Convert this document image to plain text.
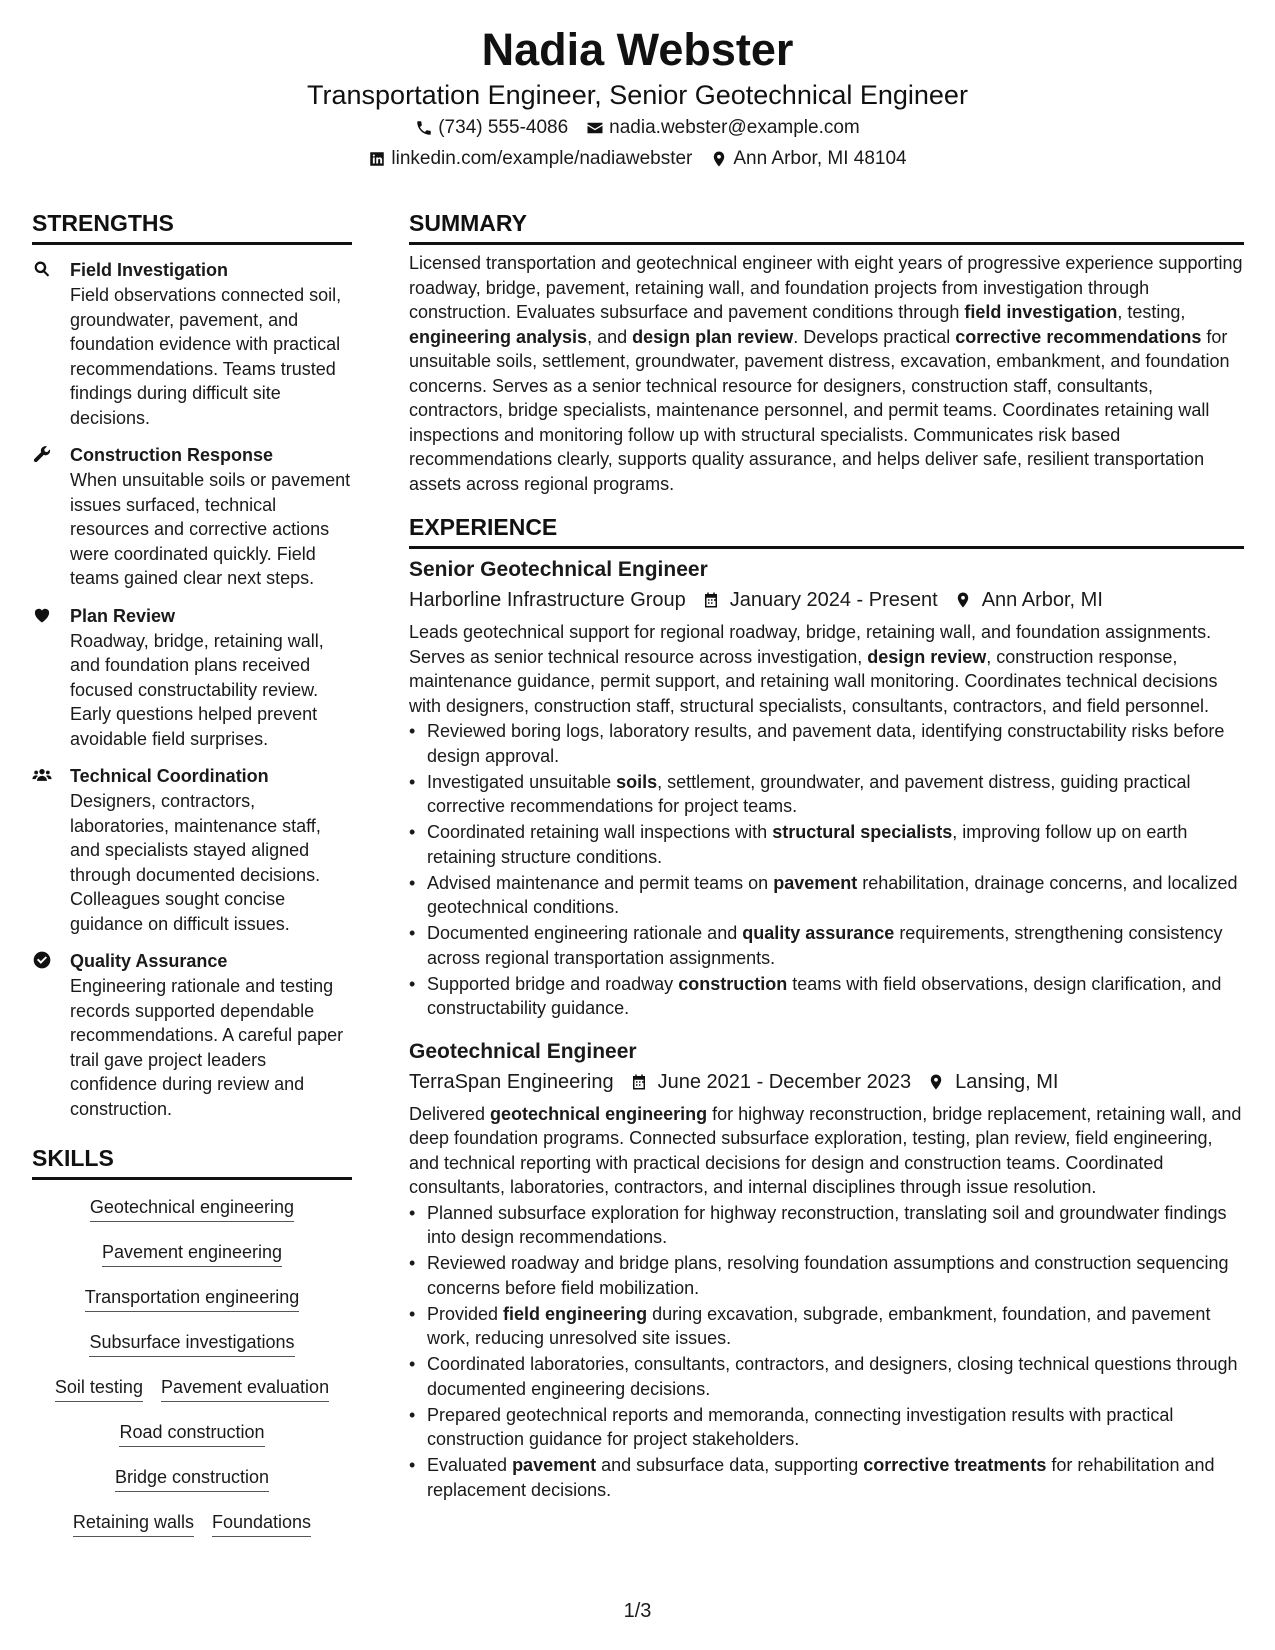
Nadia Webster
Transportation Engineer, Senior Geotechnical Engineer
(734) 555-4086 nadia.webster@example.com
linkedin.com/example/nadiawebster Ann Arbor, MI 48104
STRENGTHS
Field Investigation
Field observations connected soil, groundwater, pavement, and foundation evidence with practical recommendations. Teams trusted findings during difficult site decisions.
Construction Response
When unsuitable soils or pavement issues surfaced, technical resources and corrective actions were coordinated quickly. Field teams gained clear next steps.
Plan Review
Roadway, bridge, retaining wall, and foundation plans received focused constructability review. Early questions helped prevent avoidable field surprises.
Technical Coordination
Designers, contractors, laboratories, maintenance staff, and specialists stayed aligned through documented decisions. Colleagues sought concise guidance on difficult issues.
Quality Assurance
Engineering rationale and testing records supported dependable recommendations. A careful paper trail gave project leaders confidence during review and construction.
SKILLS
Geotechnical engineering
Pavement engineering
Transportation engineering
Subsurface investigations
Soil testing Pavement evaluation
Road construction
Bridge construction
Retaining walls Foundations
SUMMARY
Licensed transportation and geotechnical engineer with eight years of progressive experience supporting roadway, bridge, pavement, retaining wall, and foundation projects from investigation through construction. Evaluates subsurface and pavement conditions through field investigation, testing, engineering analysis, and design plan review. Develops practical corrective recommendations for unsuitable soils, settlement, groundwater, pavement distress, excavation, embankment, and foundation concerns. Serves as a senior technical resource for designers, construction staff, consultants, contractors, bridge specialists, maintenance personnel, and permit teams. Coordinates retaining wall inspections and monitoring follow up with structural specialists. Communicates risk based recommendations clearly, supports quality assurance, and helps deliver safe, resilient transportation assets across regional programs.
EXPERIENCE
Senior Geotechnical Engineer
Harborline Infrastructure Group January 2024 - Present Ann Arbor, MI
Leads geotechnical support for regional roadway, bridge, retaining wall, and foundation assignments. Serves as senior technical resource across investigation, design review, construction response, maintenance guidance, permit support, and retaining wall monitoring. Coordinates technical decisions with designers, construction staff, structural specialists, consultants, contractors, and field personnel.
• Reviewed boring logs, laboratory results, and pavement data, identifying constructability risks before design approval.
• Investigated unsuitable soils, settlement, groundwater, and pavement distress, guiding practical corrective recommendations for project teams.
• Coordinated retaining wall inspections with structural specialists, improving follow up on earth retaining structure conditions.
• Advised maintenance and permit teams on pavement rehabilitation, drainage concerns, and localized geotechnical conditions.
• Documented engineering rationale and quality assurance requirements, strengthening consistency across regional transportation assignments.
• Supported bridge and roadway construction teams with field observations, design clarification, and constructability guidance.
Geotechnical Engineer
TerraSpan Engineering June 2021 - December 2023 Lansing, MI
Delivered geotechnical engineering for highway reconstruction, bridge replacement, retaining wall, and deep foundation programs. Connected subsurface exploration, testing, plan review, field engineering, and technical reporting with practical decisions for design and construction teams. Coordinated consultants, laboratories, contractors, and internal disciplines through issue resolution.
• Planned subsurface exploration for highway reconstruction, translating soil and groundwater findings into design recommendations.
• Reviewed roadway and bridge plans, resolving foundation assumptions and construction sequencing concerns before field mobilization.
• Provided field engineering during excavation, subgrade, embankment, foundation, and pavement work, reducing unresolved site issues.
• Coordinated laboratories, consultants, contractors, and designers, closing technical questions through documented engineering decisions.
• Prepared geotechnical reports and memoranda, connecting investigation results with practical construction guidance for project stakeholders.
• Evaluated pavement and subsurface data, supporting corrective treatments for rehabilitation and replacement decisions.
1/3
